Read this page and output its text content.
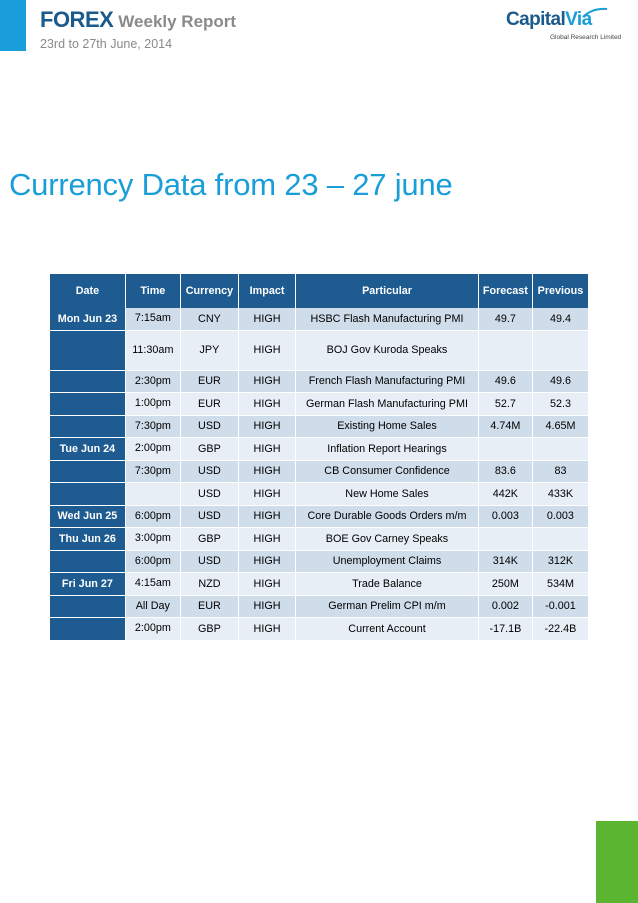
FOREX Weekly Report
23rd to 27th June, 2014
CapitalVia
Global Research Limited
Currency Data from 23 – 27 june
Date	Time	Currency	Impact	Particular	Forecast	Previous
Mon Jun 23	7:15am	CNY	HIGH	HSBC Flash Manufacturing PMI	49.7	49.4
	11:30am	JPY	HIGH	BOJ Gov Kuroda Speaks		
	2:30pm	EUR	HIGH	French Flash Manufacturing PMI	49.6	49.6
	1:00pm	EUR	HIGH	German Flash Manufacturing PMI	52.7	52.3
	7:30pm	USD	HIGH	Existing Home Sales	4.74M	4.65M
Tue Jun 24	2:00pm	GBP	HIGH	Inflation Report Hearings		
	7:30pm	USD	HIGH	CB Consumer Confidence	83.6	83
		USD	HIGH	New Home Sales	442K	433K
Wed Jun 25	6:00pm	USD	HIGH	Core Durable Goods Orders m/m	0.003	0.003
Thu Jun 26	3:00pm	GBP	HIGH	BOE Gov Carney Speaks		
	6:00pm	USD	HIGH	Unemployment Claims	314K	312K
Fri Jun 27	4:15am	NZD	HIGH	Trade Balance	250M	534M
	All Day	EUR	HIGH	German Prelim CPI m/m	0.002	-0.001
	2:00pm	GBP	HIGH	Current Account	-17.1B	-22.4B
